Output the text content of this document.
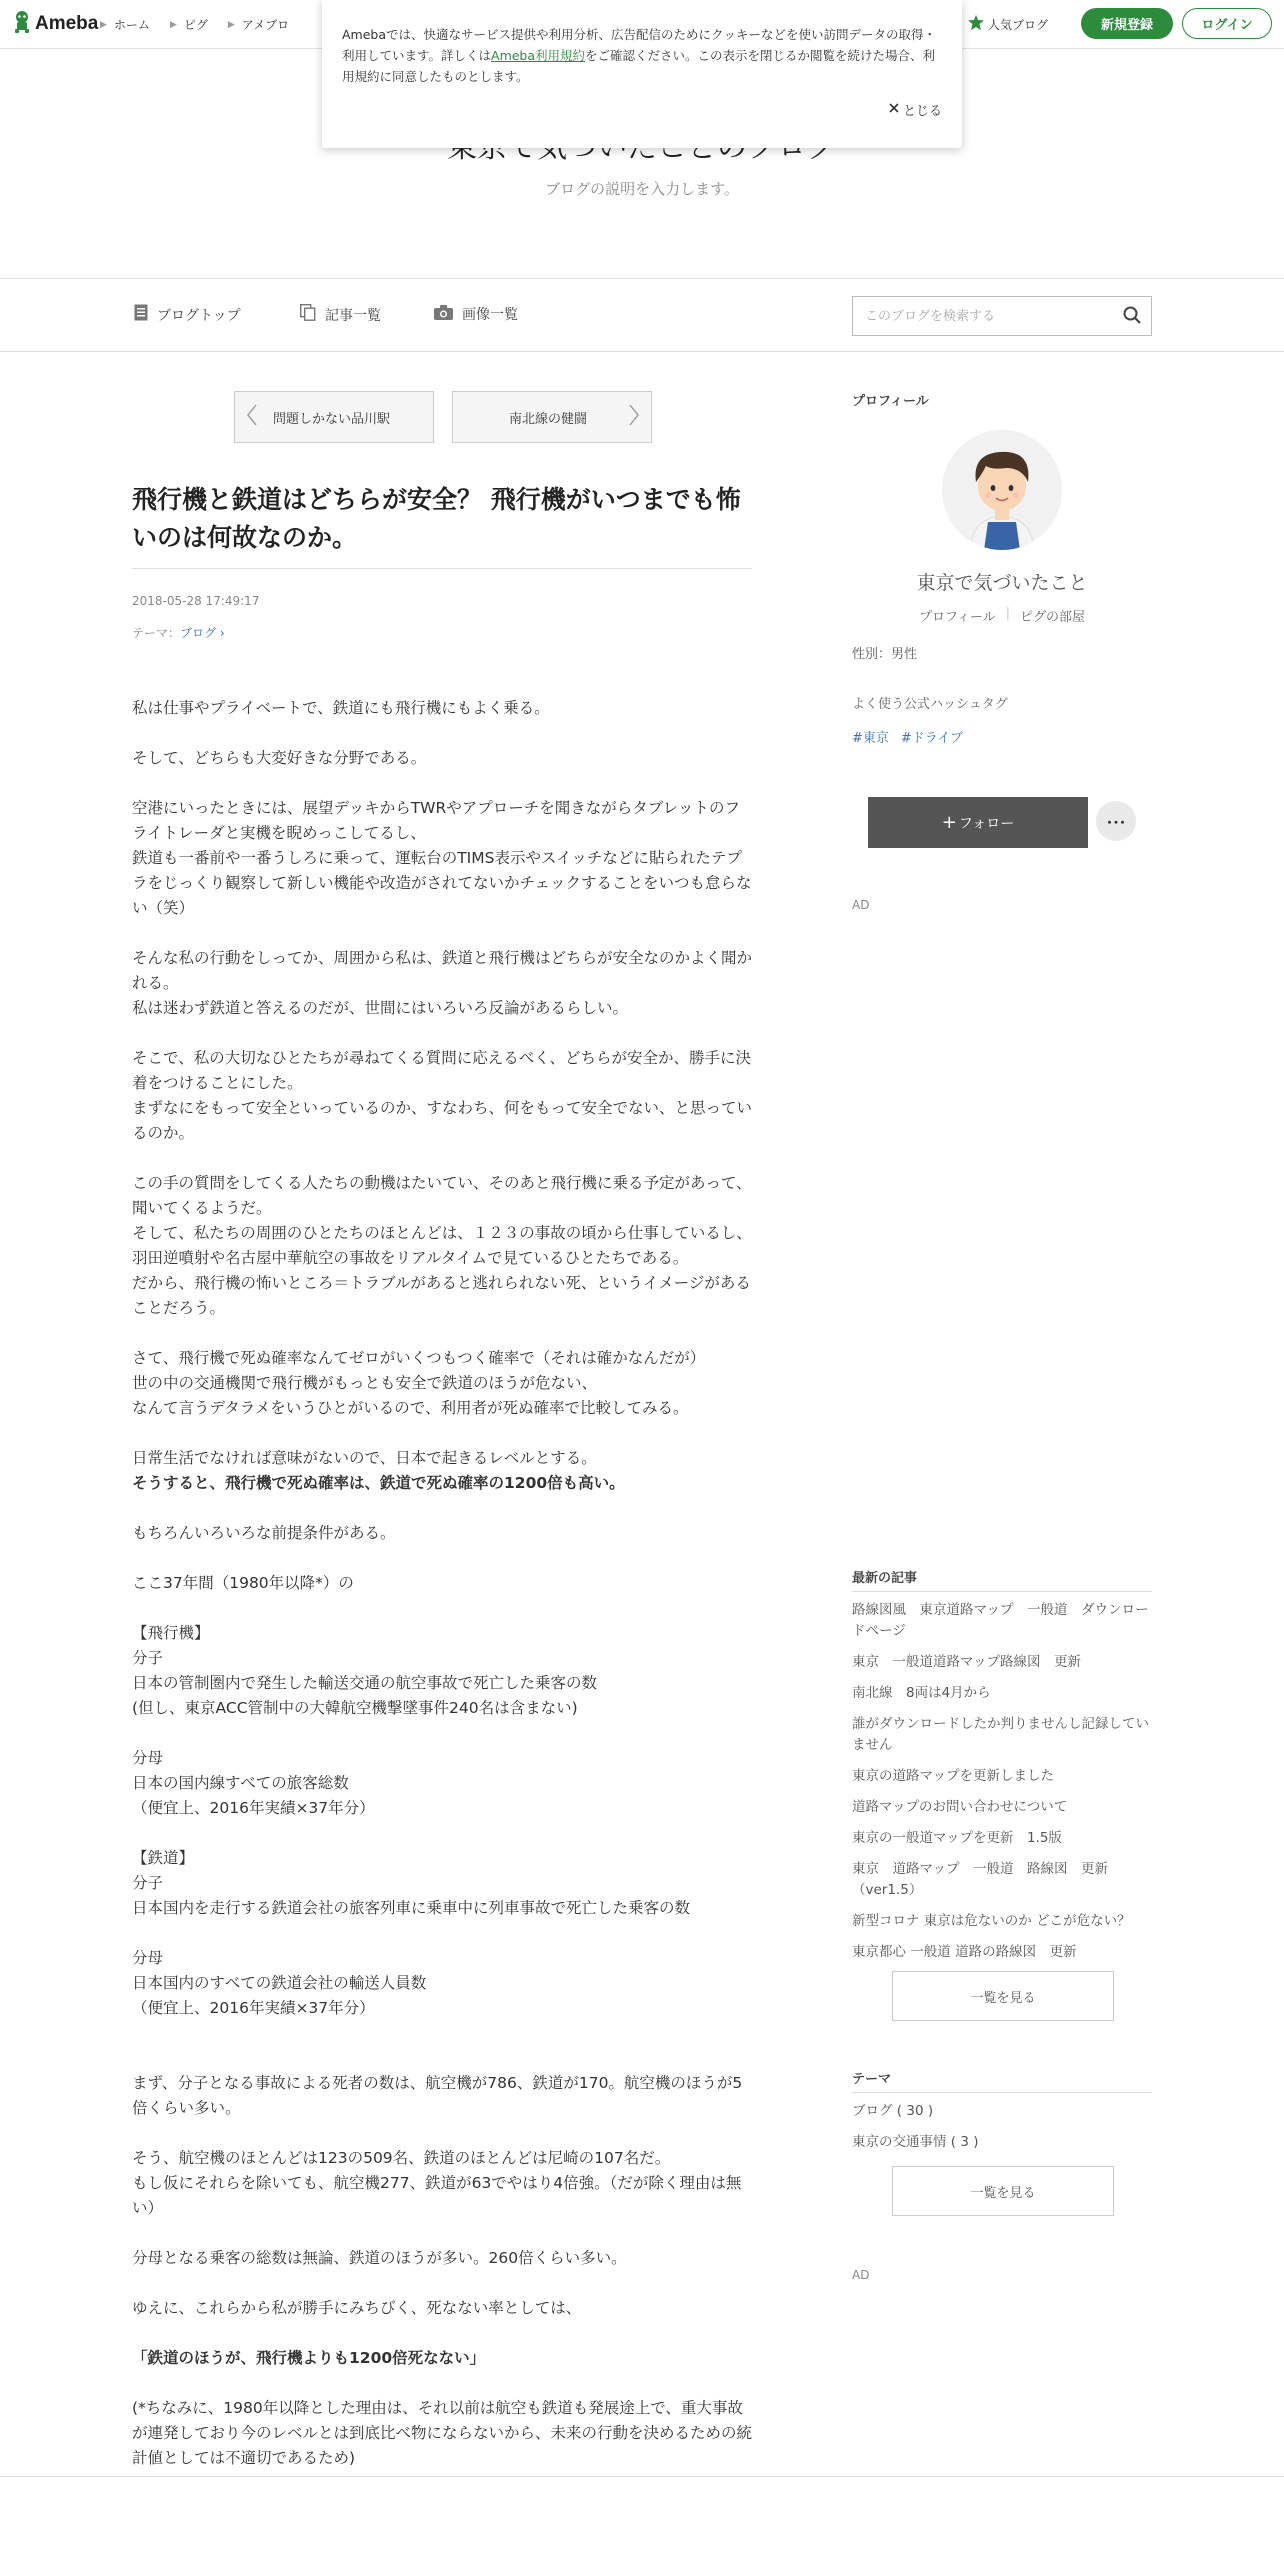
Ameba ▶ ホーム ▶ ピグ ▶ アメブロ	人気ブログ	新規登録	ログイン
ブログの説明を入力します。
Amebaでは、快適なサービス提供や利用分析、広告配信のためにクッキーなどを使い訪問データの取得・利用しています。詳しくはAmeba利用規約をご確認ください。この表示を閉じるか閲覧を続けた場合、利用規約に同意したものとします。
とじる
ブログトップ	記事一覧	画像一覧
このブログを検索する
問題しかない品川駅	南北線の健闘
飛行機と鉄道はどちらが安全？ 飛行機がいつまでも怖いのは何故なのか。
2018-05-28 17:49:17
テーマ：ブログ ›

私は仕事やプライベートで、鉄道にも飛行機にもよく乗る。

そして、どちらも大変好きな分野である。

空港にいったときには、展望デッキからTWRやアプローチを聞きながらタブレットのフライトレーダと実機を睨めっこしてるし、
鉄道も一番前や一番うしろに乗って、運転台のTIMS表示やスイッチなどに貼られたテプラをじっくり観察して新しい機能や改造がされてないかチェックすることをいつも怠らない（笑）

そんな私の行動をしってか、周囲から私は、鉄道と飛行機はどちらが安全なのかよく聞かれる。
私は迷わず鉄道と答えるのだが、世間にはいろいろ反論があるらしい。

そこで、私の大切なひとたちが尋ねてくる質問に応えるべく、どちらが安全か、勝手に決着をつけることにした。
まずなにをもって安全といっているのか、すなわち、何をもって安全でない、と思っているのか。

この手の質問をしてくる人たちの動機はたいてい、そのあと飛行機に乗る予定があって、聞いてくるようだ。
そして、私たちの周囲のひとたちのほとんどは、１２３の事故の頃から仕事しているし、羽田逆噴射や名古屋中華航空の事故をリアルタイムで見ているひとたちである。
だから、飛行機の怖いところ＝トラブルがあると逃れられない死、というイメージがあることだろう。

さて、飛行機で死ぬ確率なんてゼロがいくつもつく確率で（それは確かなんだが）
世の中の交通機関で飛行機がもっとも安全で鉄道のほうが危ない、
なんて言うデタラメをいうひとがいるので、利用者が死ぬ確率で比較してみる。

日常生活でなければ意味がないので、日本で起きるレベルとする。
そうすると、飛行機で死ぬ確率は、鉄道で死ぬ確率の1200倍も高い。

もちろんいろいろな前提条件がある。

ここ37年間（1980年以降*）の

【飛行機】
分子
日本の管制圏内で発生した輸送交通の航空事故で死亡した乗客の数
(但し、東京ACC管制中の大韓航空機撃墜事件240名は含まない)

分母
日本の国内線すべての旅客総数
（便宜上、2016年実績×37年分）

【鉄道】
分子
日本国内を走行する鉄道会社の旅客列車に乗車中に列車事故で死亡した乗客の数

分母
日本国内のすべての鉄道会社の輸送人員数
（便宜上、2016年実績×37年分）

まず、分子となる事故による死者の数は、航空機が786、鉄道が170。航空機のほうが5倍くらい多い。

そう、航空機のほとんどは123の509名、鉄道のほとんどは尼崎の107名だ。
もし仮にそれらを除いても、航空機277、鉄道が63でやはり4倍強。（だが除く理由は無い）

分母となる乗客の総数は無論、鉄道のほうが多い。260倍くらい多い。

ゆえに、これらから私が勝手にみちびく、死なない率としては、

「鉄道のほうが、飛行機よりも1200倍死なない」

(*ちなみに、1980年以降とした理由は、それ以前は航空も鉄道も発展途上で、重大事故が連発しており今のレベルとは到底比べ物にならないから、未来の行動を決めるための統計値としては不適切であるため)

プロフィール
東京で気づいたこと
プロフィール | ピグの部屋
性別：男性
よく使う公式ハッシュタグ
#東京 #ドライブ
+ フォロー	･･･
AD
最新の記事
路線図風　東京道路マップ　一般道　ダウンロードページ
東京　一般道道路マップ路線図　更新
南北線　8両は4月から
誰がダウンロードしたか判りませんし記録していません
東京の道路マップを更新しました
道路マップのお問い合わせについて
東京の一般道マップを更新　1.5版
東京　道路マップ　一般道　路線図　更新（ver1.5）
新型コロナ 東京は危ないのか どこが危ない？
東京都心 一般道 道路の路線図　更新
一覧を見る
テーマ
ブログ ( 30 )
東京の交通事情 ( 3 )
一覧を見る
AD
